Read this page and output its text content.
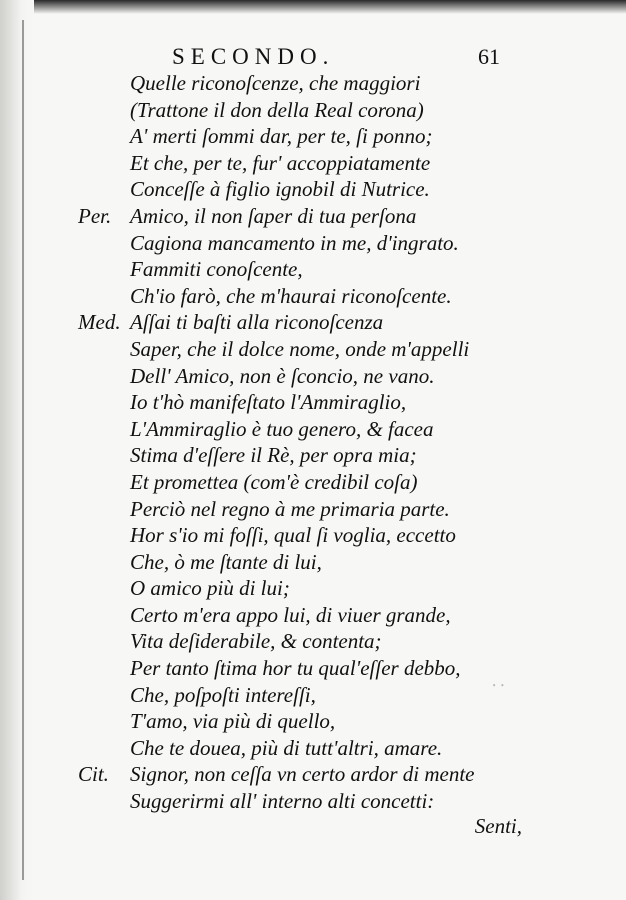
SECONDO.	61
Quelle riconoſcenze, che maggiori
(Trattone il don della Real corona)
A' merti ſommi dar, per te, ſi ponno;
Et che, per te, fur' accoppiatamente
Conceſſe à figlio ignobil di Nutrice.
Per. Amico, il non ſaper di tua perſona
Cagiona mancamento in me, d'ingrato.
Fammiti conoſcente,
Ch'io farò, che m'haurai riconoſcente.
Med. Aſſai ti baſti alla riconoſcenza
Saper, che il dolce nome, onde m'appelli
Dell' Amico, non è ſconcio, ne vano.
Io t'hò manifeſtato l'Ammiraglio,
L'Ammiraglio è tuo genero, & facea
Stima d'eſſere il Rè, per opra mia;
Et promettea (com'è credibil coſa)
Perciò nel regno à me primaria parte.
Hor s'io mi foſſi, qual ſi voglia, eccetto
Che, ò me ſtante di lui,
O amico più di lui;
Certo m'era appo lui, di viuer grande,
Vita deſiderabile, & contenta;
Per tanto ſtima hor tu qual'eſſer debbo,
Che, poſpoſti intereſſi,
T'amo, via più di quello,
Che te douea, più di tutt'altri, amare.
Cit. Signor, non ceſſa vn certo ardor di mente
Suggerirmi all' interno alti concetti:
⸱ ⸱
Senti,
